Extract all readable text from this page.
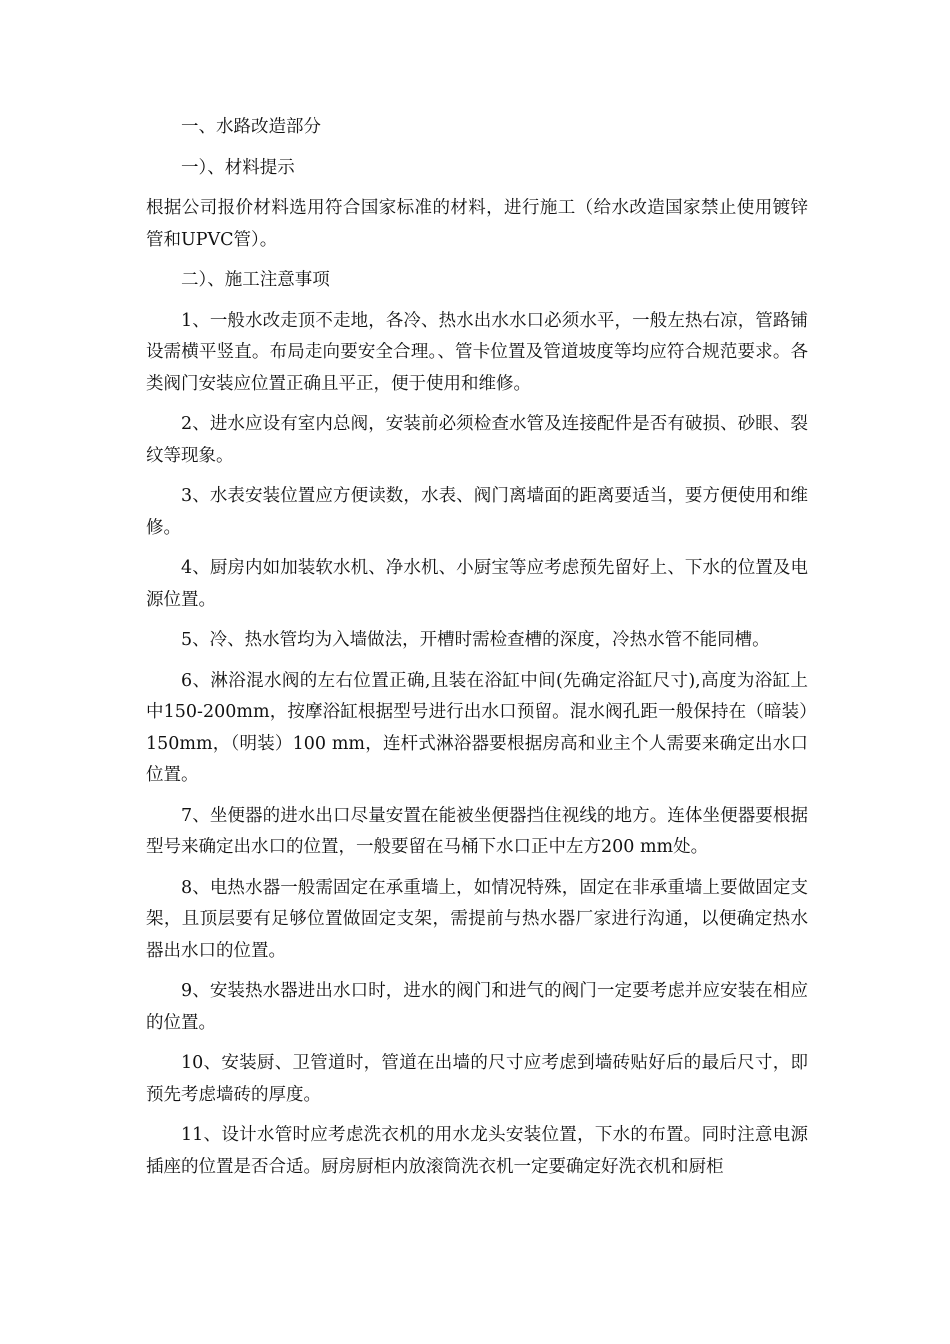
一、水路改造部分

一）、材料提示

根据公司报价材料选用符合国家标准的材料，进行施工（给水改造国家禁止使用镀锌管和UPVC管）。

二）、施工注意事项

1、一般水改走顶不走地，各冷、热水出水水口必须水平，一般左热右凉，管路铺设需横平竖直。布局走向要安全合理。、管卡位置及管道坡度等均应符合规范要求。各类阀门安装应位置正确且平正，便于使用和维修。

2、进水应设有室内总阀，安装前必须检查水管及连接配件是否有破损、砂眼、裂纹等现象。

3、水表安装位置应方便读数，水表、阀门离墙面的距离要适当，要方便使用和维修。

4、厨房内如加装软水机、净水机、小厨宝等应考虑预先留好上、下水的位置及电源位置。

5、冷、热水管均为入墙做法，开槽时需检查槽的深度，冷热水管不能同槽。

6、淋浴混水阀的左右位置正确,且装在浴缸中间(先确定浴缸尺寸),高度为浴缸上中150-200mm，按摩浴缸根据型号进行出水口预留。混水阀孔距一般保持在（暗装）150mm，（明装）100 mm，连杆式淋浴器要根据房高和业主个人需要来确定出水口位置。

7、坐便器的进水出口尽量安置在能被坐便器挡住视线的地方。连体坐便器要根据型号来确定出水口的位置，一般要留在马桶下水口正中左方200 mm处。

8、电热水器一般需固定在承重墙上，如情况特殊，固定在非承重墙上要做固定支架，且顶层要有足够位置做固定支架，需提前与热水器厂家进行沟通，以便确定热水器出水口的位置。

9、安装热水器进出水口时，进水的阀门和进气的阀门一定要考虑并应安装在相应的位置。

10、安装厨、卫管道时，管道在出墙的尺寸应考虑到墙砖贴好后的最后尺寸，即预先考虑墙砖的厚度。

11、设计水管时应考虑洗衣机的用水龙头安装位置，下水的布置。同时注意电源插座的位置是否合适。厨房厨柜内放滚筒洗衣机一定要确定好洗衣机和厨柜
